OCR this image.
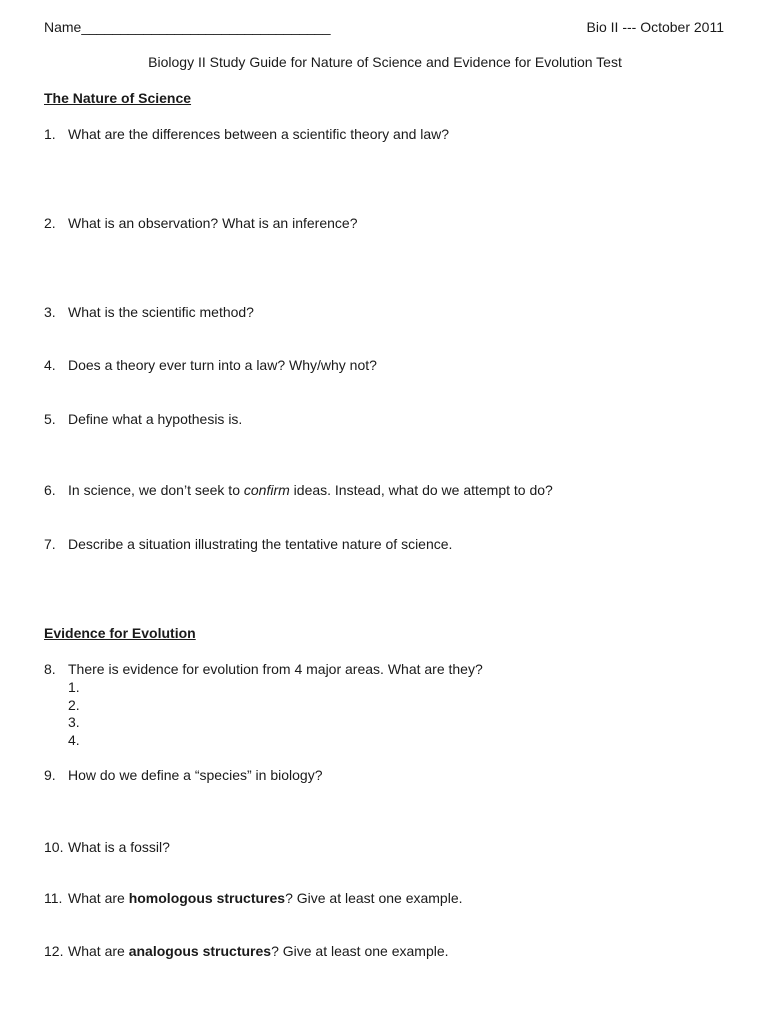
Name________________________________	Bio II --- October 2011
Biology II Study Guide for Nature of Science and Evidence for Evolution Test
The Nature of Science
1. What are the differences between a scientific theory and law?
2. What is an observation? What is an inference?
3. What is the scientific method?
4. Does a theory ever turn into a law? Why/why not?
5. Define what a hypothesis is.
6. In science, we don’t seek to confirm ideas. Instead, what do we attempt to do?
7. Describe a situation illustrating the tentative nature of science.
Evidence for Evolution
8. There is evidence for evolution from 4 major areas. What are they?
1.
2.
3.
4.
9. How do we define a “species” in biology?
10. What is a fossil?
11. What are homologous structures? Give at least one example.
12. What are analogous structures? Give at least one example.
